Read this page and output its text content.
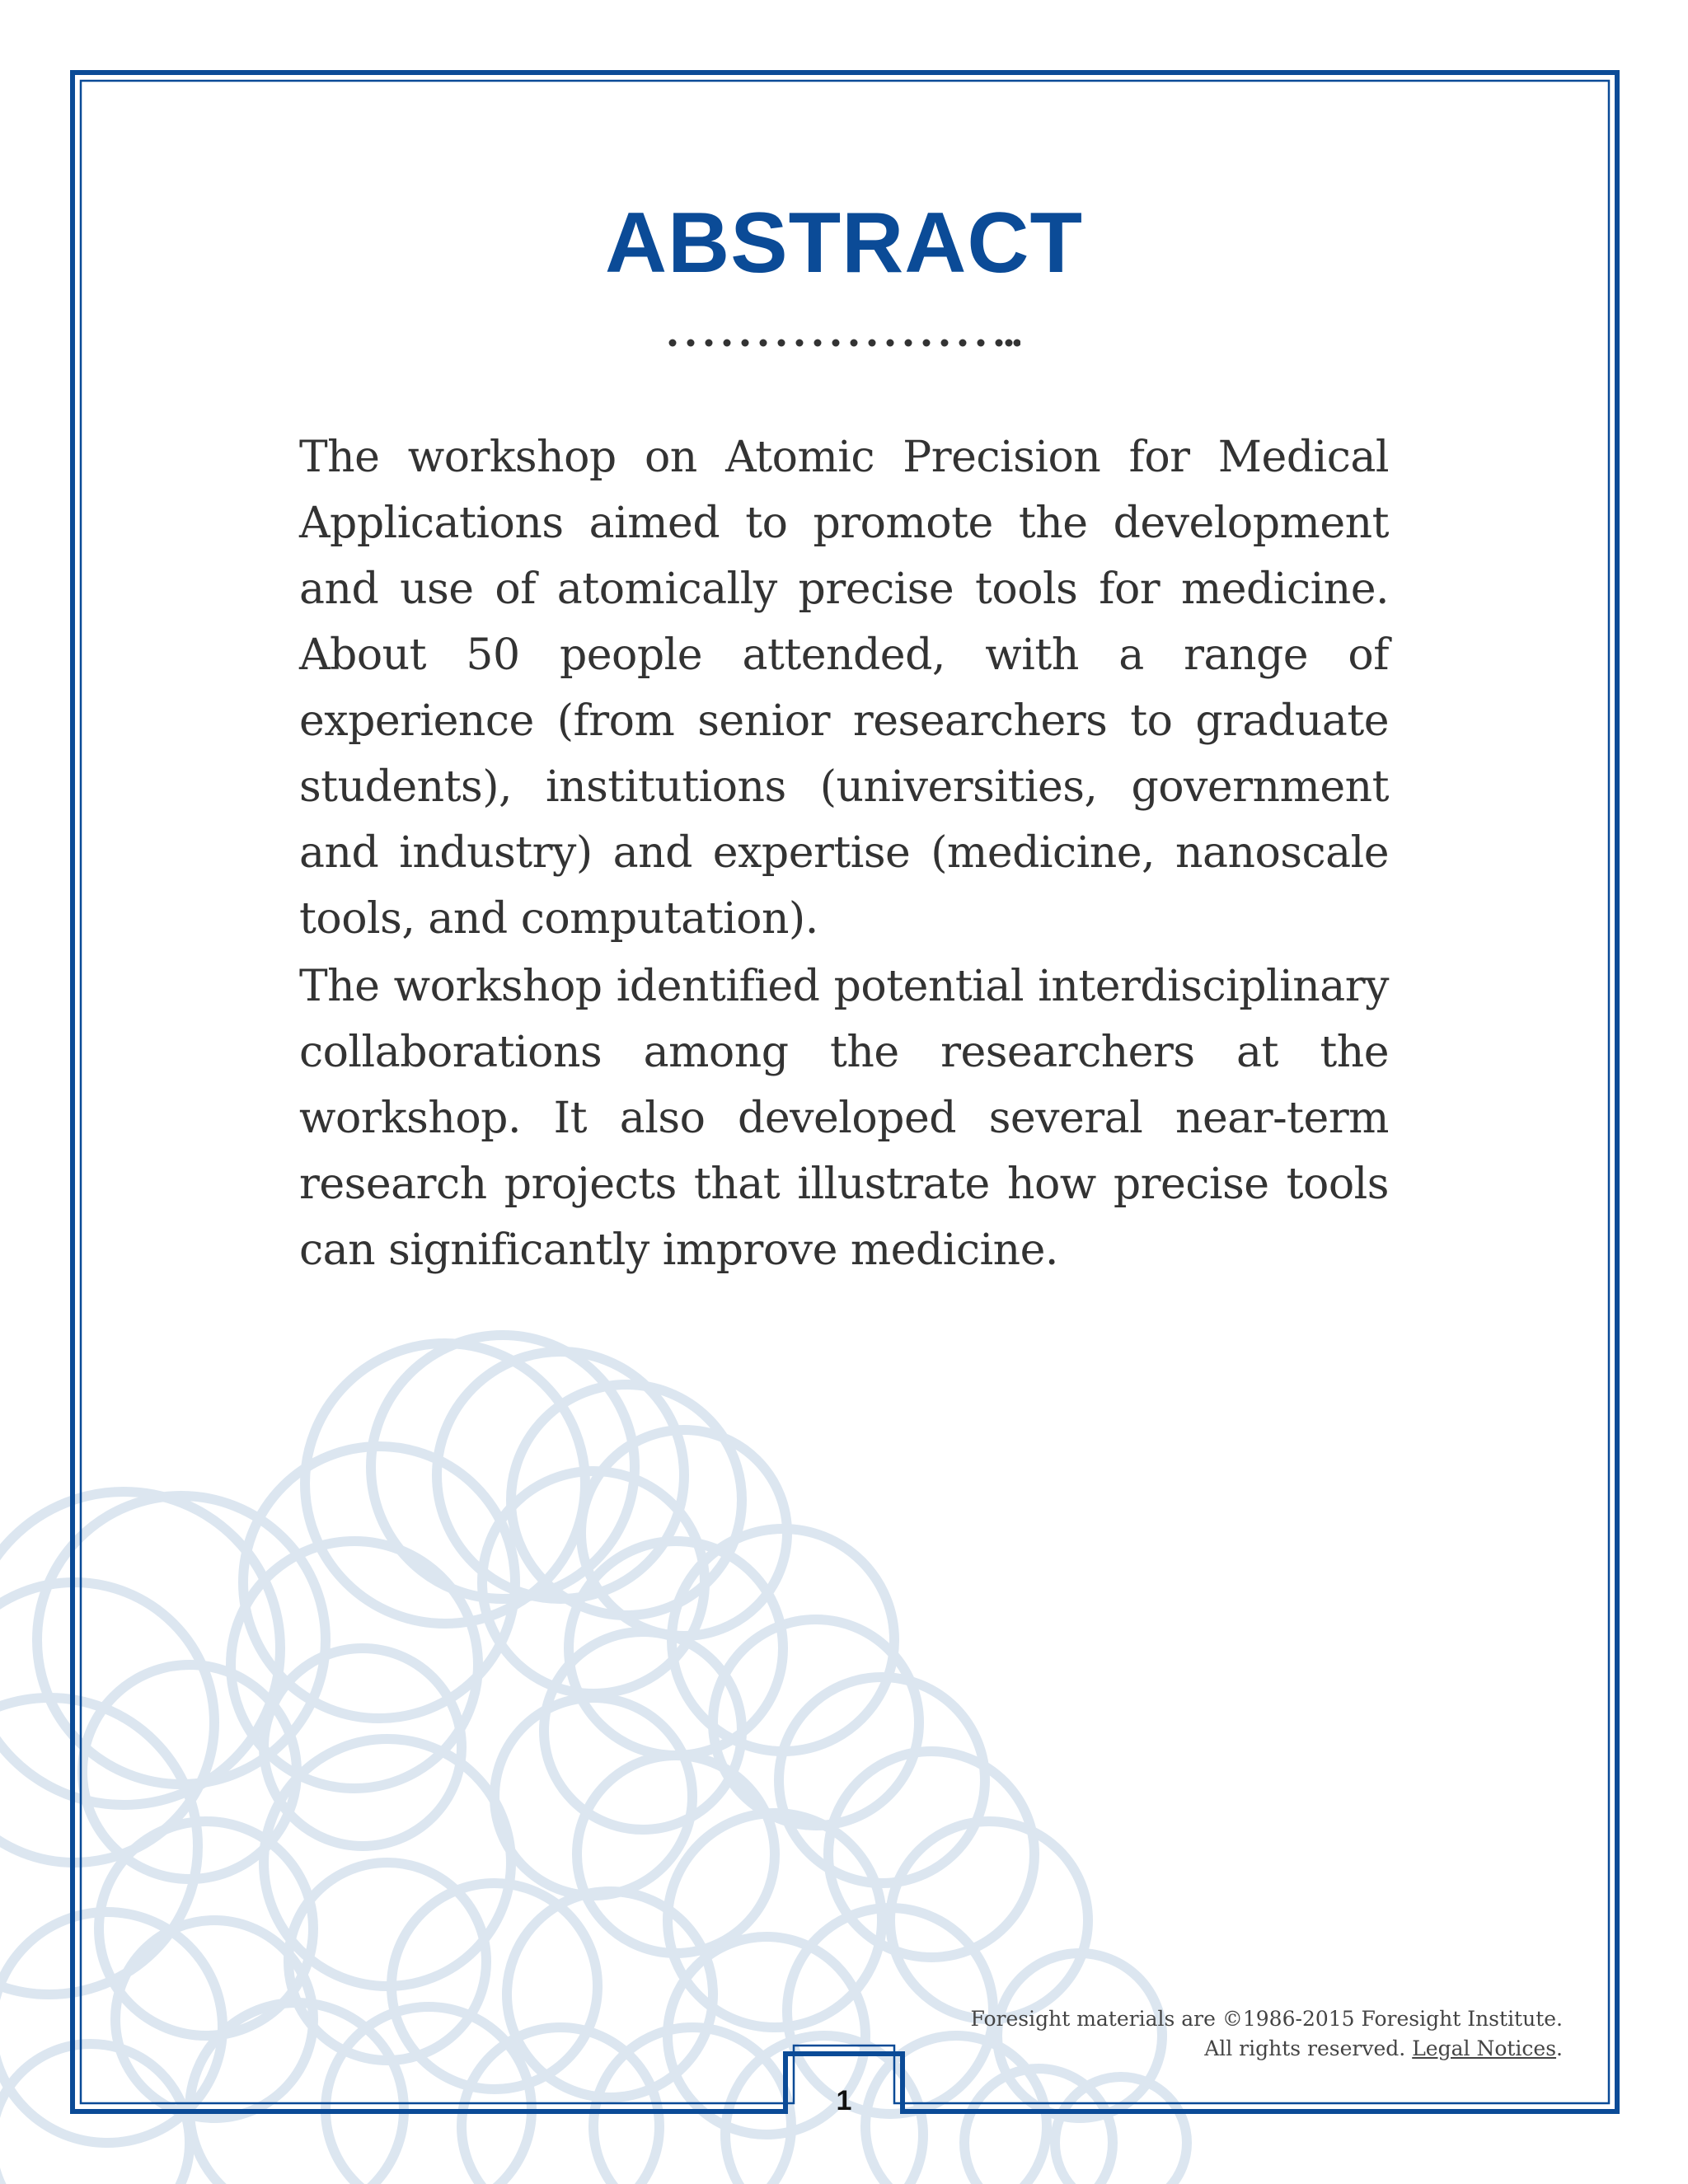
ABSTRACT

The workshop on Atomic Precision for Medical Applications aimed to promote the development and use of atomically precise tools for medicine. About 50 people attended, with a range of experience (from senior researchers to graduate students), institutions (universities, government and industry) and expertise (medicine, nanoscale tools, and computation).

The workshop identified potential interdisciplinary collaborations among the researchers at the workshop. It also developed several near-term research projects that illustrate how precise tools can significantly improve medicine.

Foresight materials are ©1986-2015 Foresight Institute.
All rights reserved. Legal Notices.
1
